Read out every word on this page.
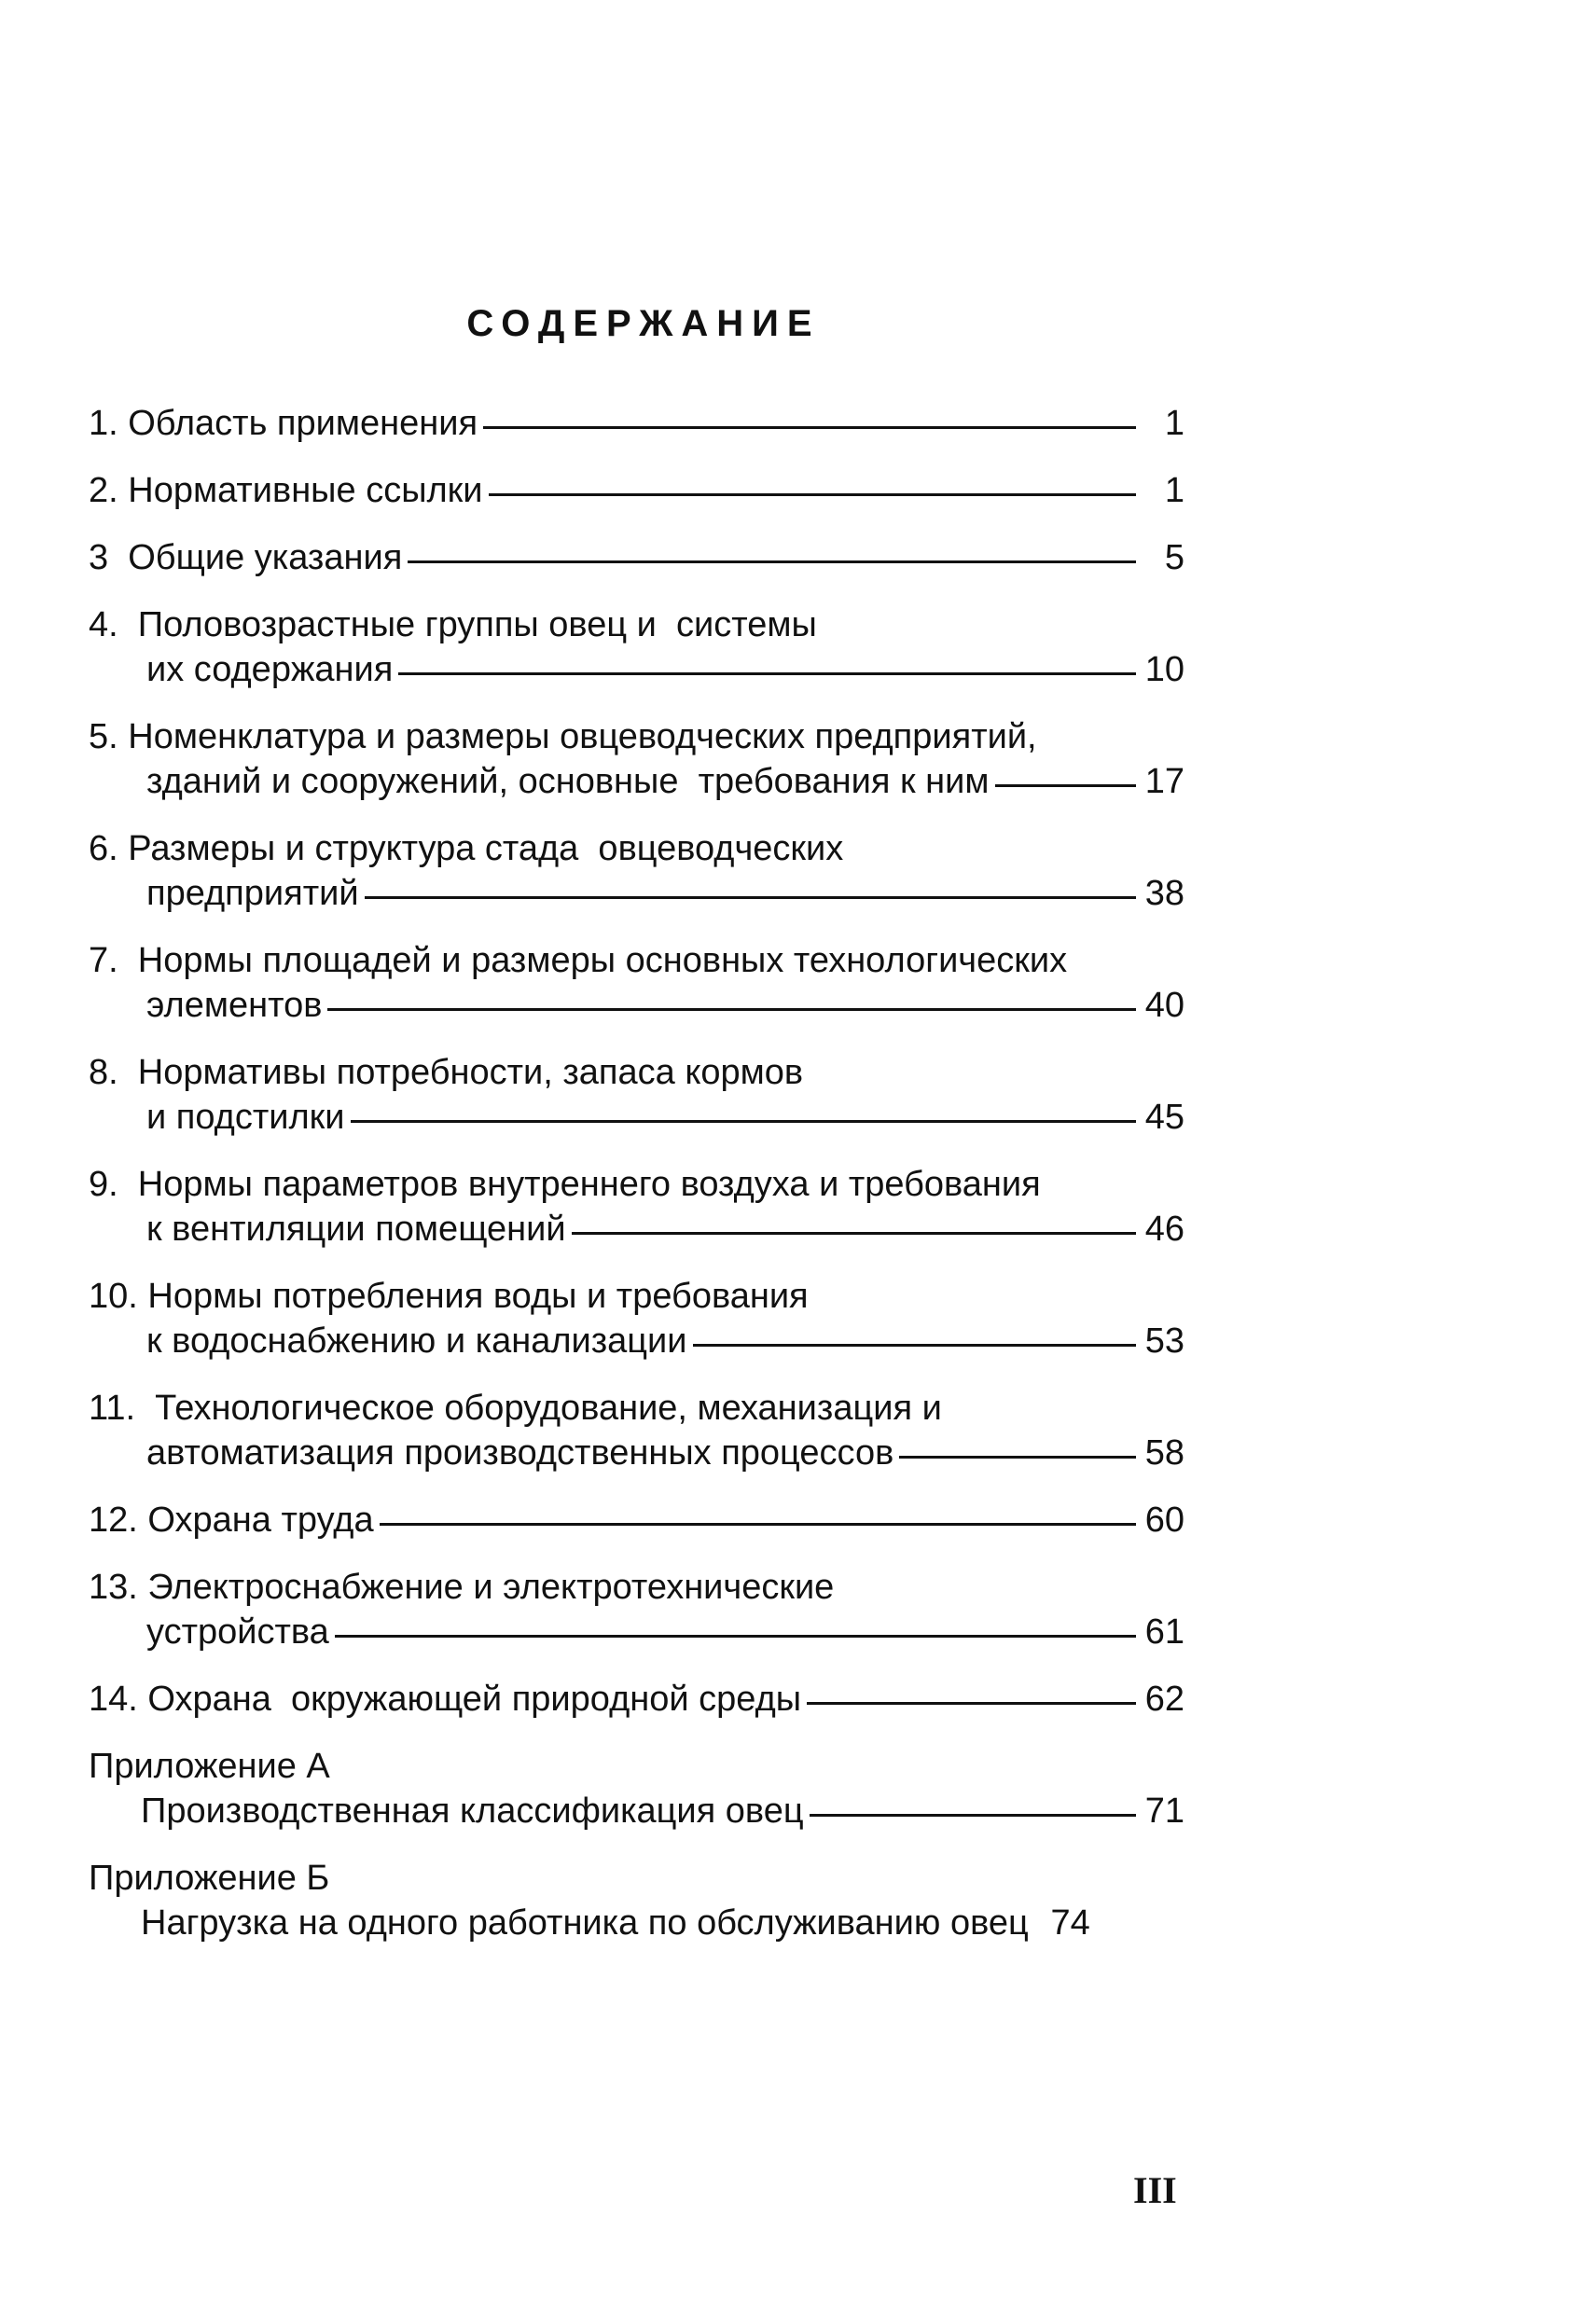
СОДЕРЖАНИЕ
1. Область применения	1
2. Нормативные ссылки	1
3  Общие указания	5
4.  Половозрастные группы овец и  системы
их содержания	10
5. Номенклатура и размеры овцеводческих предприятий,
зданий и сооружений, основные  требования к ним	17
6. Размеры и структура стада  овцеводческих
предприятий	38
7.  Нормы площадей и размеры основных технологических
элементов	40
8.  Нормативы потребности, запаса кормов
и подстилки	45
9.  Нормы параметров внутреннего воздуха и требования
к вентиляции помещений	46
10. Нормы потребления воды и требования
к водоснабжению и канализации	53
11.  Технологическое оборудование, механизация и
автоматизация производственных процессов	58
12. Охрана труда	60
13. Электроснабжение и электротехнические
устройства	61
14. Охрана  окружающей природной среды	62
Приложение А
Производственная классификация овец	71
Приложение Б
Нагрузка на одного работника по обслуживанию овец 74
III
